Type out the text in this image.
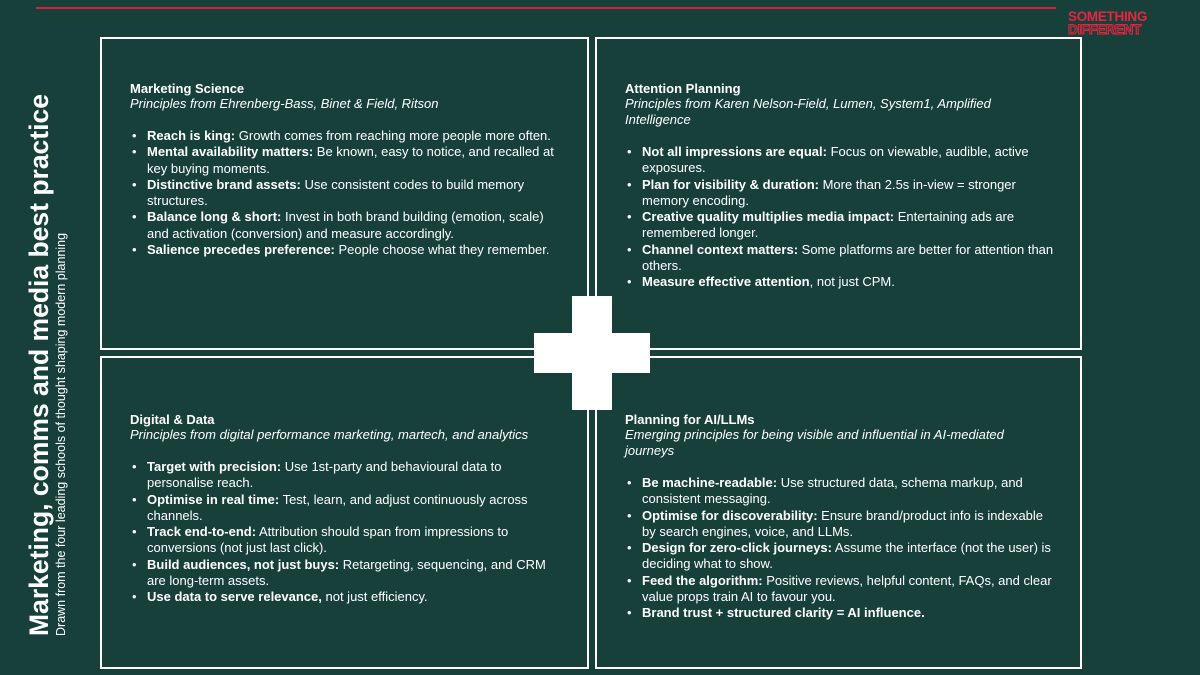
SOMETHING
DIFFERENT
Marketing, comms and media best practice Drawn from the four leading schools of thought shaping modern planning
Marketing Science
Principles from Ehrenberg-Bass, Binet & Field, Ritson
• Reach is king: Growth comes from reaching more people more often.
• Mental availability matters: Be known, easy to notice, and recalled at key buying moments.
• Distinctive brand assets: Use consistent codes to build memory structures.
• Balance long & short: Invest in both brand building (emotion, scale) and activation (conversion) and measure accordingly.
• Salience precedes preference: People choose what they remember.
Attention Planning
Principles from Karen Nelson-Field, Lumen, System1, Amplified Intelligence
• Not all impressions are equal: Focus on viewable, audible, active exposures.
• Plan for visibility & duration: More than 2.5s in-view = stronger memory encoding.
• Creative quality multiplies media impact: Entertaining ads are remembered longer.
• Channel context matters: Some platforms are better for attention than others.
• Measure effective attention, not just CPM.
Digital & Data
Principles from digital performance marketing, martech, and analytics
• Target with precision: Use 1st-party and behavioural data to personalise reach.
• Optimise in real time: Test, learn, and adjust continuously across channels.
• Track end-to-end: Attribution should span from impressions to conversions (not just last click).
• Build audiences, not just buys: Retargeting, sequencing, and CRM are long-term assets.
• Use data to serve relevance, not just efficiency.
Planning for AI/LLMs
Emerging principles for being visible and influential in AI-mediated journeys
• Be machine-readable: Use structured data, schema markup, and consistent messaging.
• Optimise for discoverability: Ensure brand/product info is indexable by search engines, voice, and LLMs.
• Design for zero-click journeys: Assume the interface (not the user) is deciding what to show.
• Feed the algorithm: Positive reviews, helpful content, FAQs, and clear value props train AI to favour you.
• Brand trust + structured clarity = AI influence.
